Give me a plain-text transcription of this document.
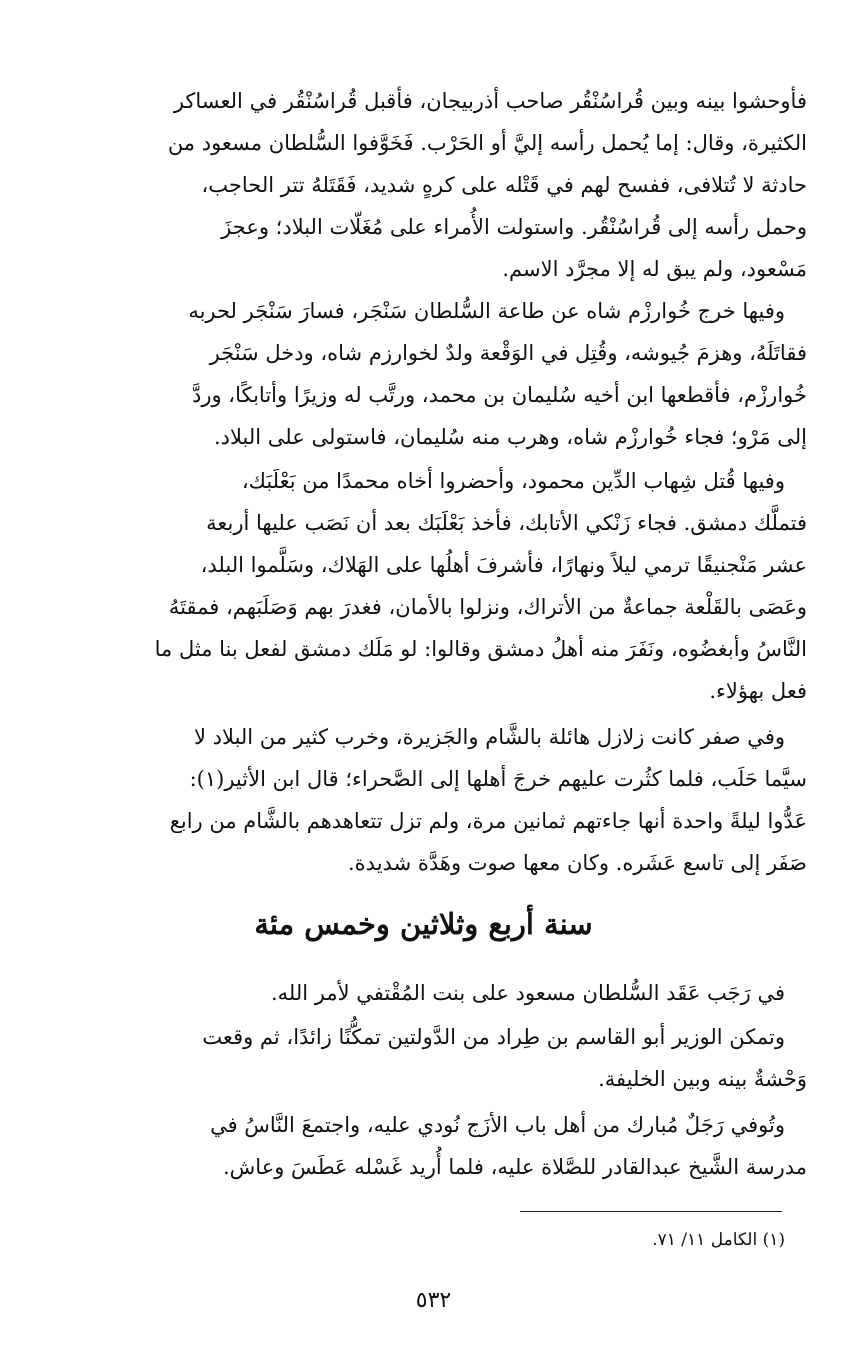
فأوحشوا بينه وبين قُراسُنْقُر صاحب أذربيجان، فأقبل قُراسُنْقُر في العساكر
الكثيرة، وقال: إما يُحمل رأسه إليَّ أو الحَرْب. فَخَوَّفوا السُّلطان مسعود من
حادثة لا تُتلافى، ففسح لهم في قَتْله على كرهٍ شديد، فَقَتَلهُ تتر الحاجب،
وحمل رأسه إلى قُراسُنْقُر. واستولت الأُمراء على مُغَلّات البلاد؛ وعجزَ
مَسْعود، ولم يبق له إلا مجرَّد الاسم.
وفيها خرج خُوارزْم شاه عن طاعة السُّلطان سَنْجَر، فسارَ سَنْجَر لحربه
فقاتَلَهُ، وهزمَ جُيوشه، وقُتِل في الوَقْعة ولدٌ لخوارزم شاه، ودخل سَنْجَر
خُوارزْم، فأقطعها ابن أخيه سُليمان بن محمد، ورتَّب له وزيرًا وأتابكًا، وردَّ
إلى مَرْو؛ فجاء خُوارزْم شاه، وهرب منه سُليمان، فاستولى على البلاد.
وفيها قُتل شِهاب الدِّين محمود، وأحضروا أخاه محمدًا من بَعْلَبَك،
فتملَّك دمشق. فجاء زَنْكي الأتابك، فأخذ بَعْلَبَك بعد أن نَصَب عليها أربعة
عشر مَنْجنيقًا ترمي ليلاً ونهارًا، فأشرفَ أهلُها على الهَلاك، وسَلَّموا البلد،
وعَصَى بالقَلْعة جماعةٌ من الأتراك، ونزلوا بالأمان، فغدرَ بهم وَصَلَبَهم، فمقتَهُ
النَّاسُ وأبغضُوه، ونَفَرَ منه أهلُ دمشق وقالوا: لو مَلَك دمشق لفعل بنا مثل ما
فعل بهؤلاء.
وفي صفر كانت زلازل هائلة بالشَّام والجَزيرة، وخرب كثير من البلاد لا
سيَّما حَلَب، فلما كثُرت عليهم خرجَ أهلها إلى الصَّحراء؛ قال ابن الأثير(١):
عَدُّوا ليلةً واحدة أنها جاءتهم ثمانين مرة، ولم تزل تتعاهدهم بالشَّام من رابع
صَفَر إلى تاسع عَشَره. وكان معها صوت وهَدَّة شديدة.
سنة أربع وثلاثين وخمس مئة
في رَجَب عَقَد السُّلطان مسعود على بنت المُقْتفي لأمر الله.
وتمكن الوزير أبو القاسم بن طِراد من الدَّولتين تمكُّنًا زائدًا، ثم وقعت
وَحْشةٌ بينه وبين الخليفة.
وتُوفي رَجَلٌ مُبارك من أهل باب الأزَج نُودي عليه، واجتمعَ النَّاسُ في
مدرسة الشَّيخ عبدالقادر للصَّلاة عليه، فلما أُريد غَسْله عَطَسَ وعاش.
(١) الكامل ١١/ ٧١.
٥٣٢
